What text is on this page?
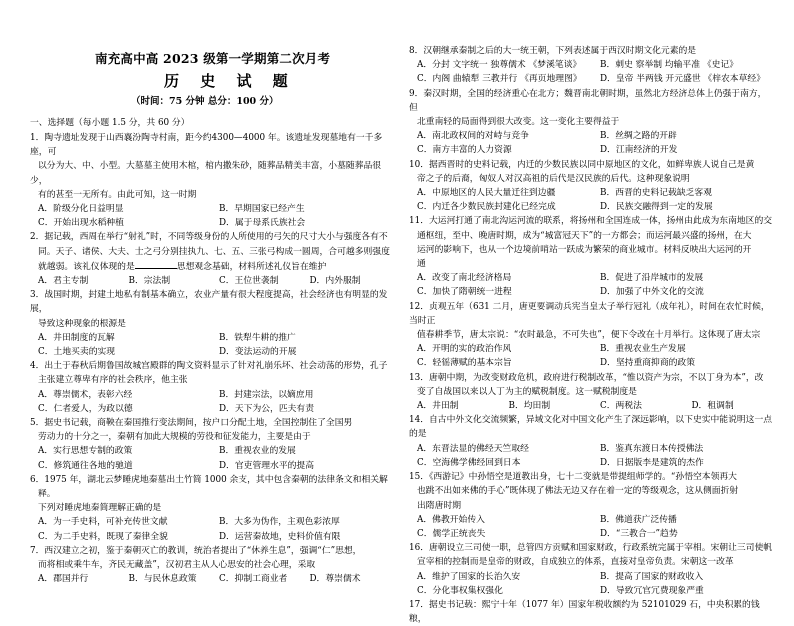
南充高中高 2023 级第一学期第二次月考
历 史 试 题
（时间：75 分钟 总分：100 分）
一、选择题（每小题 1.5 分，共 60 分）

1．陶寺遗址发现于山西襄汾陶寺村南，距今约4300—4000 年。该遗址发现墓地有一千多座，可

以分为大、中、小型。大墓墓主使用木棺，棺内撒朱砂，随葬品精美丰富，小墓随葬品很少，

有的甚至一无所有。由此可知，这一时期

A．阶级分化日益明显	B．早期国家已经产生
C．开始出现水稻种植	D．属于母系氏族社会

2．据记载，西周在举行“射礼”时，不同等级身份的人所使用的弓矢的尺寸大小与强度各有不

同。天子、诸侯、大夫、士之弓分别挂执九、七、五、三张弓构成一圆周，合可越多则强度

就越弱。该礼仪体现的是	思想观念基础，材料所述礼仪旨在维护

A．君主专制	B．宗法制	C．王位世袭制	D．内外服制

3．战国时期，封建土地私有制基本确立，农业产量有很大程度提高，社会经济也有明显的发展，

导致这种现象的根源是

A．井田制度的瓦解	B．铁犁牛耕的推广
C．土地买卖的实现	D．变法运动的开展

4．出土于春秋后期鲁国故城宫殿群的陶文资料显示了针对礼崩乐坏、社会动荡的形势，孔子

主张建立尊卑有序的社会秩序，他主张

A．尊崇儒术，表彰六经	B．封建宗法，以嫡庶用
C．仁者爱人，为政以德	D．天下为公，匹夫有责

5．据史书记载，商鞅在秦国推行变法期间，按户口分配土地，全国控制住了全国男

劳动力的十分之一，秦朝有加此大规模的劳役和征发能力，主要是由于

A．实行思想专制的政策	B．重视农业的发展
C．修筑通往各地的驰道	D．官吏管理水平的提高

6．1975 年，湖北云梦睡虎地秦墓出土竹简 1000 余支，其中包含秦朝的法律条文和相关解

释。

下列对睡虎地秦简理解正确的是

A．为一手史料，可补充传世文献	B．大多为伪作，主观色彩浓厚
C．为二手史料，既现了秦律全貌	D．运营秦故地，史料价值有限

7．西汉建立之初，鉴于秦朝灭亡的教训，统治者提出了“休养生息”，强调“仁”思想，

而将相或乘牛车，齐民无藏盖”，汉初君主从人心思安的社会心理，采取

A．郡国并行	B．与民休息政策	C．抑制工商业者	D．尊崇儒术

8．汉朝继承秦制之后的大一统王朝，下列表述属于西汉时期文化元素的是

A．分封 文字统一 独尊儒术 《梦溪笔谈》	B．刺史 察举制 均输平准 《史记》
C．内阁 曲辕犁 三教并行 《再页地理图》	D．皇帝 半两钱 开元盛世 《梓农本草经》

9．秦汉时期，全国的经济重心在北方；魏晋南北朝时期，虽然北方经济总体上仍强于南方，但

北重南轻的局面得到很大改变。这一变化主要得益于

A．南北政权间的对峙与竞争	B．丝绸之路的开辟
C．南方丰富的人力资源	D．江南经济的开发

10．据西晋时的史料记载，内迁的少数民族以同中原地区的文化，如鲜卑族人说自己是黄

帝之子的后裔，匈奴人对汉高祖的后代是汉民族的后代。这种现象说明

A．中原地区的人民大量迁往到边疆	B．西晋的史料记载缺乏客观
C．内迁各少数民族封建化已经完成	D．民族交融得到一定的发展

11．大运河打通了南北沟运河流的联系，将扬州和全国连成一体，扬州由此成为东南地区的交

通枢纽，至中、晚唐时期，成为“城富冠天下”的一方都会；而运河最兴盛的扬州，在大

运河的影响下，也从一个边境前哨站一跃成为繁荣的商业城市。材料反映出大运河的开

通

A．改变了南北经济格局	B．促进了沿岸城市的发展
C．加快了隋朝统一进程	D．加强了中外文化的交流

12．贞观五年（631 二月，唐更要调动兵宪当皇太子举行冠礼（成年礼），时间在农忙时候，当时正

值春耕季节，唐太宗说：“农时最急，不可失也”，便下令改在十月举行。这体现了唐太宗

A．开明的实的政治作风	B．重视农业生产发展
C．轻徭薄赋的基本宗旨	D．坚持重商抑商的政策

13．唐朝中期，为改变财政危机，政府进行税制改革，“惟以资产为宗，不以丁身为本”，改

变了自战国以来以人丁为主的赋税制度。这一赋税制度是

A．井田制	B．均田制	C．两税法	D．租调制

14．自古中外文化交流频繁，异域文化对中国文化产生了深远影响，以下史实中能说明这一点的是

A．东晋法显的佛经天竺取经	B．鉴真东渡日本传授佛法
C．空海佛学佛经回到日本	D．日据版李是建筑的杰作

15．《西游记》中孙悟空是道教出身，七十二变就是带提组师学的。“孙悟空本领再大

也跳不出如来佛的手心”既体现了佛法无边又存在着一定的等级观念，这从侧面折射

出隋唐时期

A．佛教开始传入	B．佛道获广泛传播
C．儒学正统丧失	D．“三教合一”趋势

16．唐朝设立三司使一职，总管四方贡赋和国家财政，行政系统完属于宰相。宋朝让三司使帆

宣宰相的控制而是皇帝的财政，自成独立的体系，直接对皇帝负责。宋朝这一改革

A．维护了国家的长治久安	B．提高了国家的财政收入
C．分化事权集权强化	D．导致冗官冗费现象严重

17．据史书记载：熙宁十年（1077 年）国家年税收额约为 52101029 石，中央积累的钱粮，
